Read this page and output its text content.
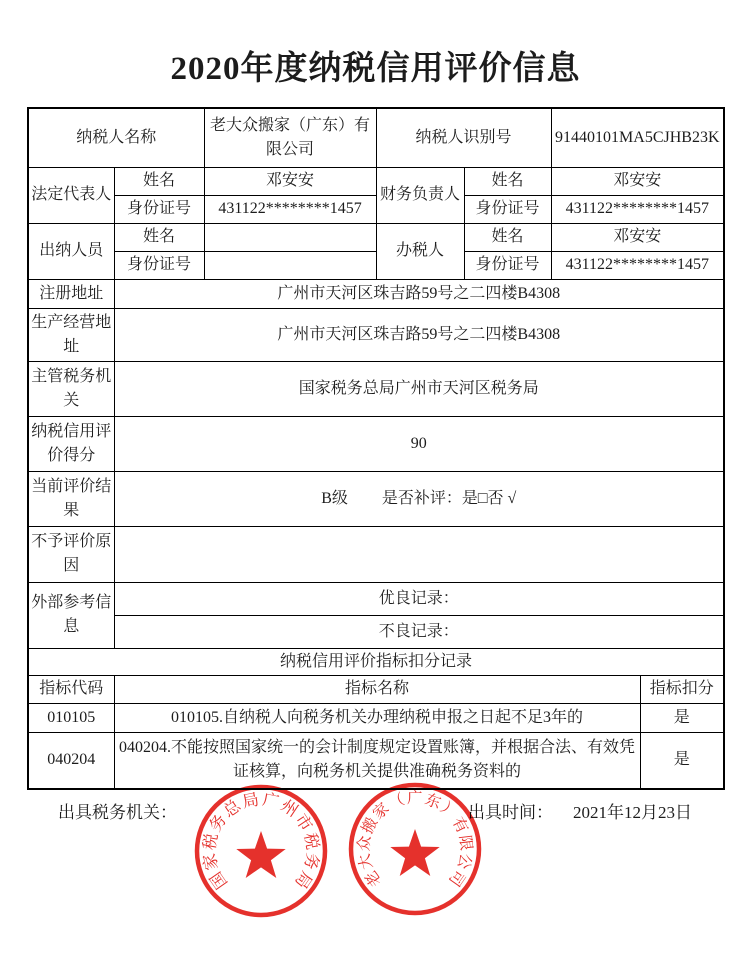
2020年度纳税信用评价信息
纳税人名称		老大众搬家（广东）有限公司	纳税人识别号		91440101MA5CJHB23K	
法定代表人	姓名	邓安安	财务负责人	姓名	邓安安	
	身份证号	431122********1457		身份证号	431122********1457	
出纳人员	姓名		办税人	姓名	邓安安	
	身份证号			身份证号	431122********1457	
注册地址	广州市天河区珠吉路59号之二四楼B4308					
生产经营地址	广州市天河区珠吉路59号之二四楼B4308					
主管税务机关	国家税务总局广州市天河区税务局					
纳税信用评价得分	90					
当前评价结果	B级 是否补评：是□否 √					

不予评价原因						
外部参考信息	优良记录：					
	不良记录：					
纳税信用评价指标扣分记录						
指标代码	指标名称					指标扣分
010105	010105.自纳税人向税务机关办理纳税申报之日起不足3年的					是
040204	040204.不能按照国家统一的会计制度规定设置账簿，并根据合法、有效凭证核算，向税务机关提供准确税务资料的					是
出具税务机关：	出具时间： 2021年12月23日
国家税务总局广州市税务局	老大众搬家（广东）有限公司
